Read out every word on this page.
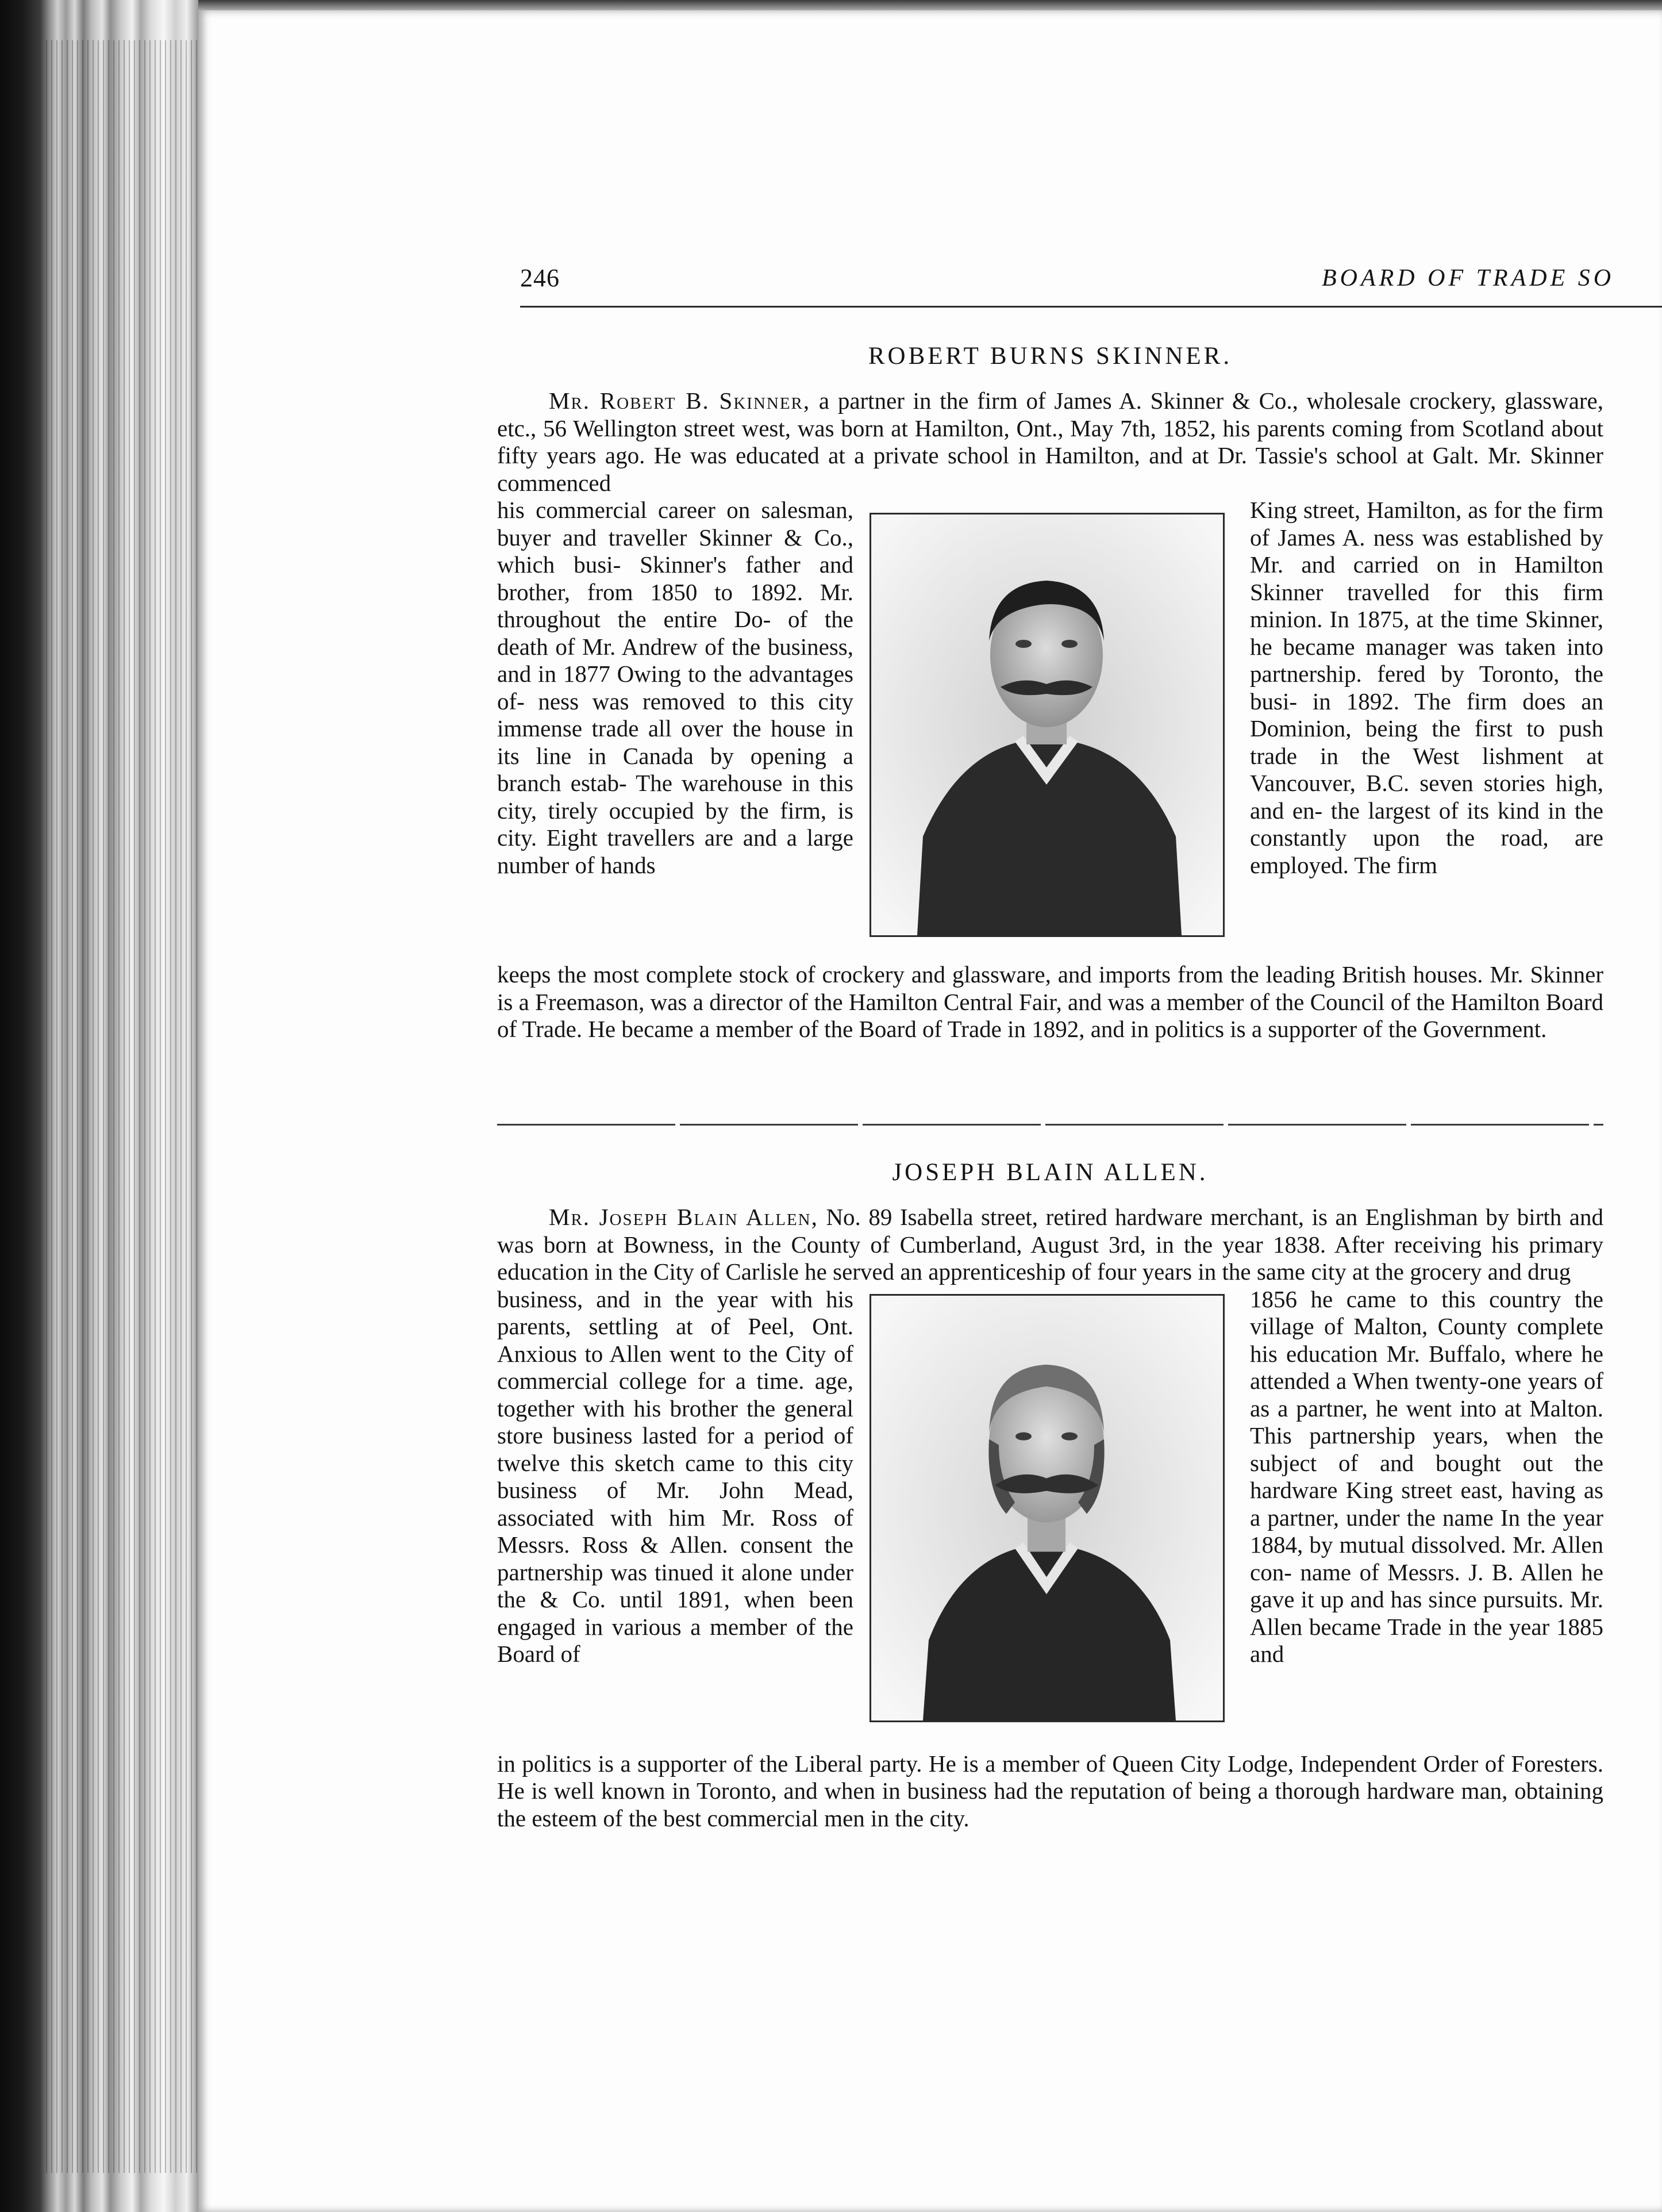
246	BOARD OF TRADE SO
ROBERT BURNS SKINNER.

Mr. Robert B. Skinner, a partner in the firm of James A. Skinner & Co., wholesale crockery, glassware, etc., 56 Wellington street west, was born at Hamilton, Ont., May 7th, 1852, his parents coming from Scotland about fifty years ago. He was educated at a private school in Hamilton, and at Dr. Tassie's school at Galt. Mr. Skinner commenced

his commercial career on salesman, buyer and traveller Skinner & Co., which busi- Skinner's father and brother, from 1850 to 1892. Mr. throughout the entire Do- of the death of Mr. Andrew of the business, and in 1877 Owing to the advantages of- ness was removed to this city immense trade all over the house in its line in Canada by opening a branch estab- The warehouse in this city, tirely occupied by the firm, is city. Eight travellers are and a large number of hands
King street, Hamilton, as for the firm of James A. ness was established by Mr. and carried on in Hamilton Skinner travelled for this firm minion. In 1875, at the time Skinner, he became manager was taken into partnership. fered by Toronto, the busi- in 1892. The firm does an Dominion, being the first to push trade in the West lishment at Vancouver, B.C. seven stories high, and en- the largest of its kind in the constantly upon the road, are employed. The firm

keeps the most complete stock of crockery and glassware, and imports from the leading British houses. Mr. Skinner is a Freemason, was a director of the Hamilton Central Fair, and was a member of the Council of the Hamilton Board of Trade. He became a member of the Board of Trade in 1892, and in politics is a supporter of the Government.

JOSEPH BLAIN ALLEN.

Mr. Joseph Blain Allen, No. 89 Isabella street, retired hardware merchant, is an Englishman by birth and was born at Bowness, in the County of Cumberland, August 3rd, in the year 1838. After receiving his primary education in the City of Carlisle he served an apprenticeship of four years in the same city at the grocery and drug

business, and in the year with his parents, settling at of Peel, Ont. Anxious to Allen went to the City of commercial college for a time. age, together with his brother the general store business lasted for a period of twelve this sketch came to this city business of Mr. John Mead, associated with him Mr. Ross of Messrs. Ross & Allen. consent the partnership was tinued it alone under the & Co. until 1891, when been engaged in various a member of the Board of
1856 he came to this country the village of Malton, County complete his education Mr. Buffalo, where he attended a When twenty-one years of as a partner, he went into at Malton. This partnership years, when the subject of and bought out the hardware King street east, having as a partner, under the name In the year 1884, by mutual dissolved. Mr. Allen con- name of Messrs. J. B. Allen he gave it up and has since pursuits. Mr. Allen became Trade in the year 1885 and

in politics is a supporter of the Liberal party. He is a member of Queen City Lodge, Independent Order of Foresters. He is well known in Toronto, and when in business had the reputation of being a thorough hardware man, obtaining the esteem of the best commercial men in the city.
